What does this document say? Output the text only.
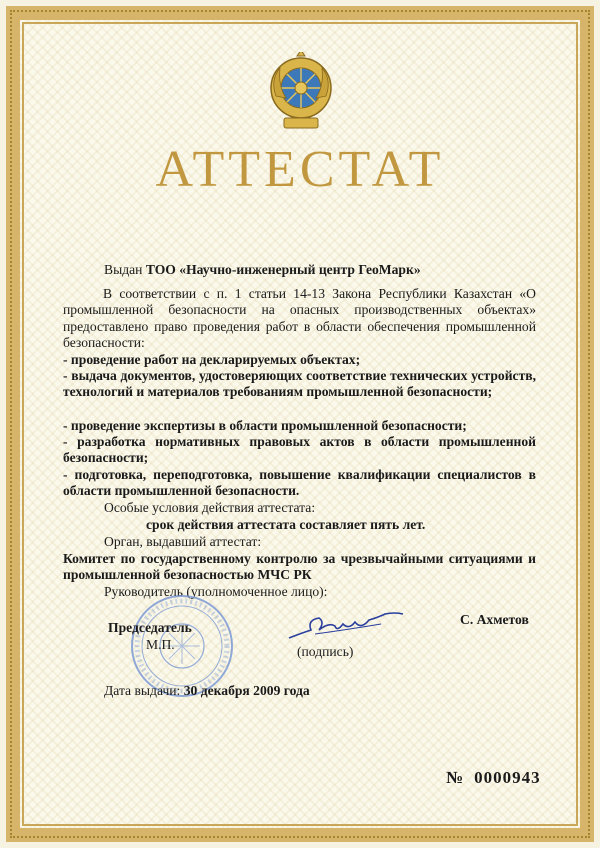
АТТЕСТАТ
Выдан ТОО «Научно-инженерный центр ГеоМарк»
В соответствии с п. 1 статьи 14-13 Закона Республики Казахстан «О промышленной безопасности на опасных производственных объектах» предоставлено право проведения работ в области обеспечения промышленной безопасности:
- проведение работ на декларируемых объектах;
- выдача документов, удостоверяющих соответствие технических устройств, технологий и материалов требованиям промышленной безопасности;
- проведение экспертизы в области промышленной безопасности;
- разработка нормативных правовых актов в области промышленной безопасности;
- подготовка, переподготовка, повышение квалификации специалистов в области промышленной безопасности.
Особые условия действия аттестата:
срок действия аттестата составляет пять лет.
Орган, выдавший аттестат:
Комитет по государственному контролю за чрезвычайными ситуациями и промышленной безопасностью МЧС РК
Руководитель (уполномоченное лицо):
Председатель
М.П.
С. Ахметов
(подпись)
Дата выдачи: 30 декабря 2009 года
№ 0000943
